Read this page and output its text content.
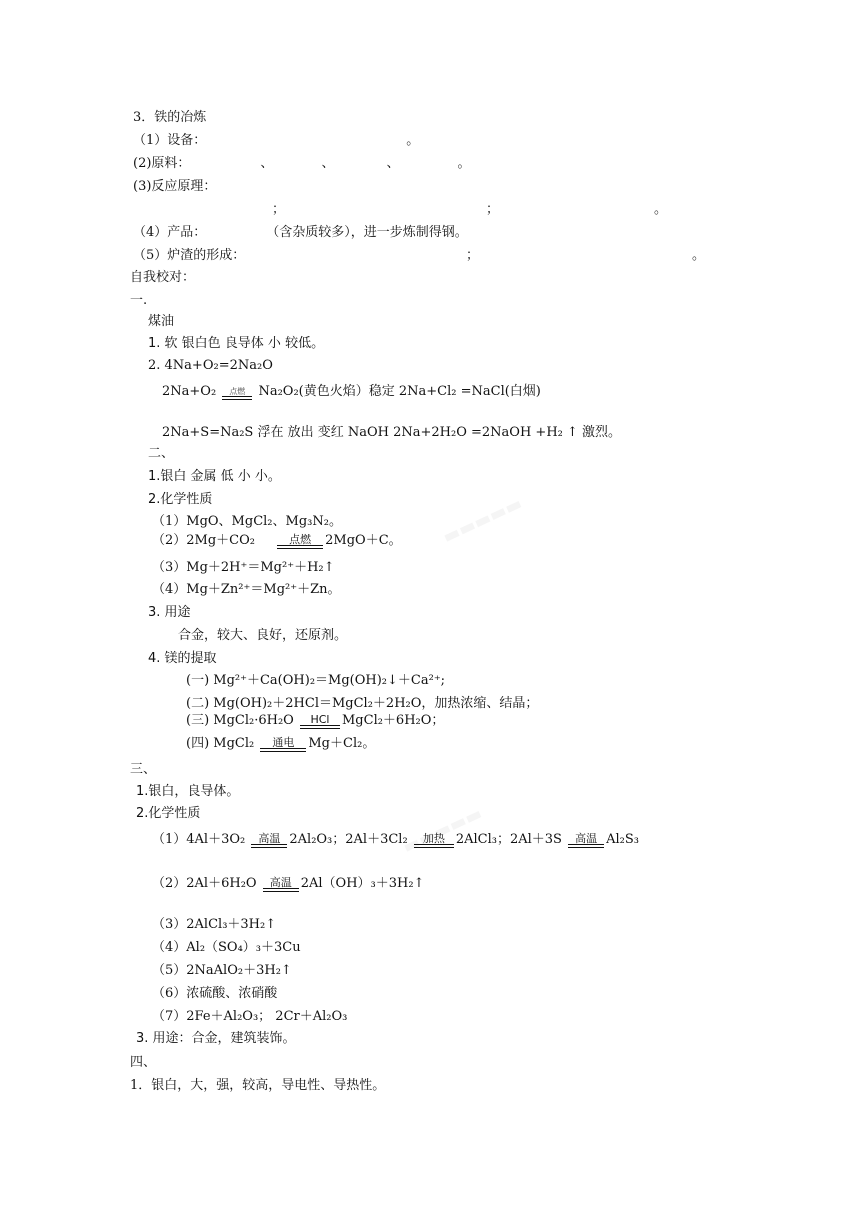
3．铁的冶炼
（1）设备：	。
(2)原料：	、	、	、	。
(3)反应原理：
；	；	。
（4）产品：	（含杂质较多），进一步炼制得钢。
（5）炉渣的形成：	；	。
自我校对：
一.
煤油
1. 软 银白色 良导体 小 较低。
2. 4Na+O₂=2Na₂O
2Na+O₂	点燃	Na₂O₂(黄色火焰）稳定 2Na+Cl₂ =NaCl(白烟)
2Na+S=Na₂S 浮在 放出 变红 NaOH 2Na+2H₂O =2NaOH +H₂ ↑ 激烈。
二、
1.银白 金属 低 小 小。
2.化学性质
（1）MgO、MgCl₂、Mg₃N₂。
（2）2Mg＋CO₂	点燃	2MgO＋C。
（3）Mg＋2H⁺＝Mg²⁺＋H₂↑
（4）Mg＋Zn²⁺＝Mg²⁺＋Zn。
3. 用途
合金，较大、良好，还原剂。
4. 镁的提取
(一) Mg²⁺＋Ca(OH)₂＝Mg(OH)₂↓＋Ca²⁺;
(二) Mg(OH)₂＋2HCl＝MgCl₂＋2H₂O，加热浓缩、结晶；
(三) MgCl₂·6H₂O	HCl MgCl₂＋6H₂O；
(四) MgCl₂	通电	Mg＋Cl₂。
三、
1.银白，良导体。
2.化学性质
（1）4Al＋3O₂	高温 2Al₂O₃；2Al＋3Cl₂	加热 2AlCl₃；2Al＋3S	高温 Al₂S₃
（2）2Al＋6H₂O	高温 2Al（OH）₃＋3H₂↑
（3）2AlCl₃＋3H₂↑
（4）Al₂（SO₄）₃＋3Cu
（5）2NaAlO₂＋3H₂↑
（6）浓硫酸、浓硝酸
（7）2Fe＋Al₂O₃； 2Cr＋Al₂O₃
3. 用途：合金，建筑装饰。
四、
1．银白，大，强，较高，导电性、导热性。
